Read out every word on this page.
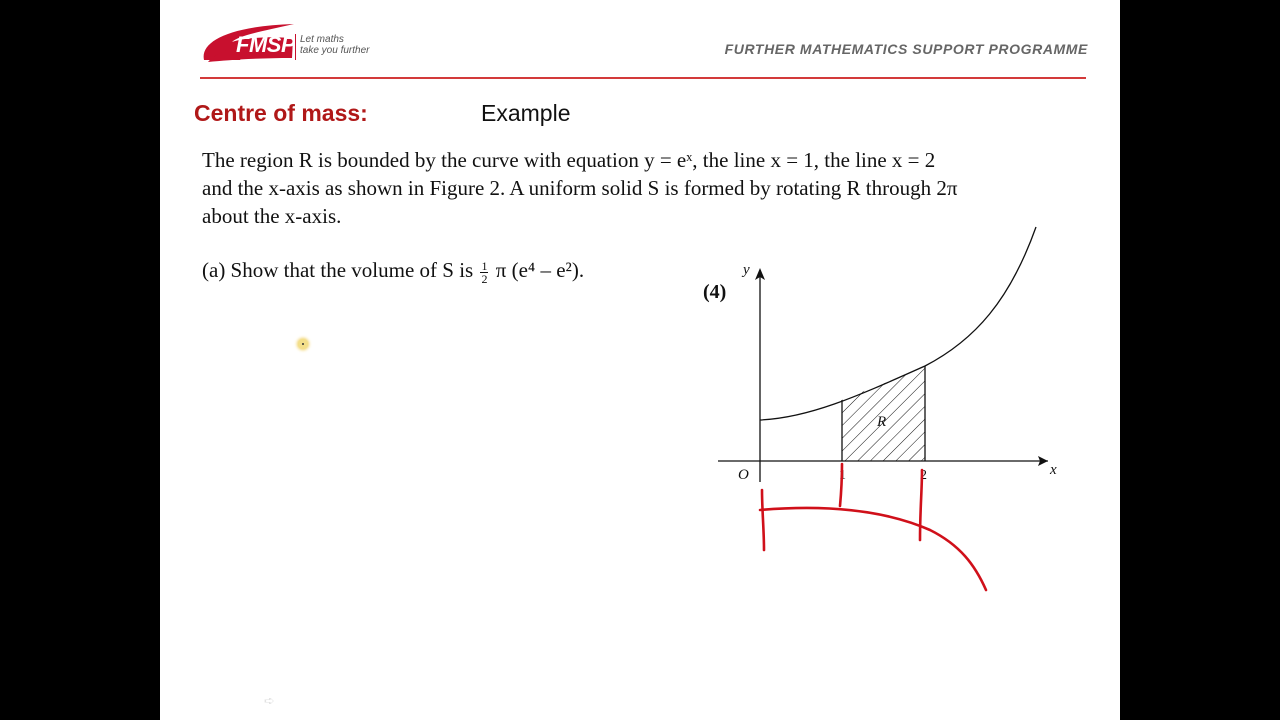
FMSP Let maths
take you further	FURTHER MATHEMATICS SUPPORT PROGRAMME
Centre of mass:	Example
The region R is bounded by the curve with equation y = eˣ, the line x = 1, the line x = 2
and the x-axis as shown in Figure 2. A uniform solid S is formed by rotating R through 2π
about the x-axis.
(a) Show that the volume of S is $\frac{1}{2}$ π (e⁴ – e²).
(4)
y
x
O	1	2
R
➪
